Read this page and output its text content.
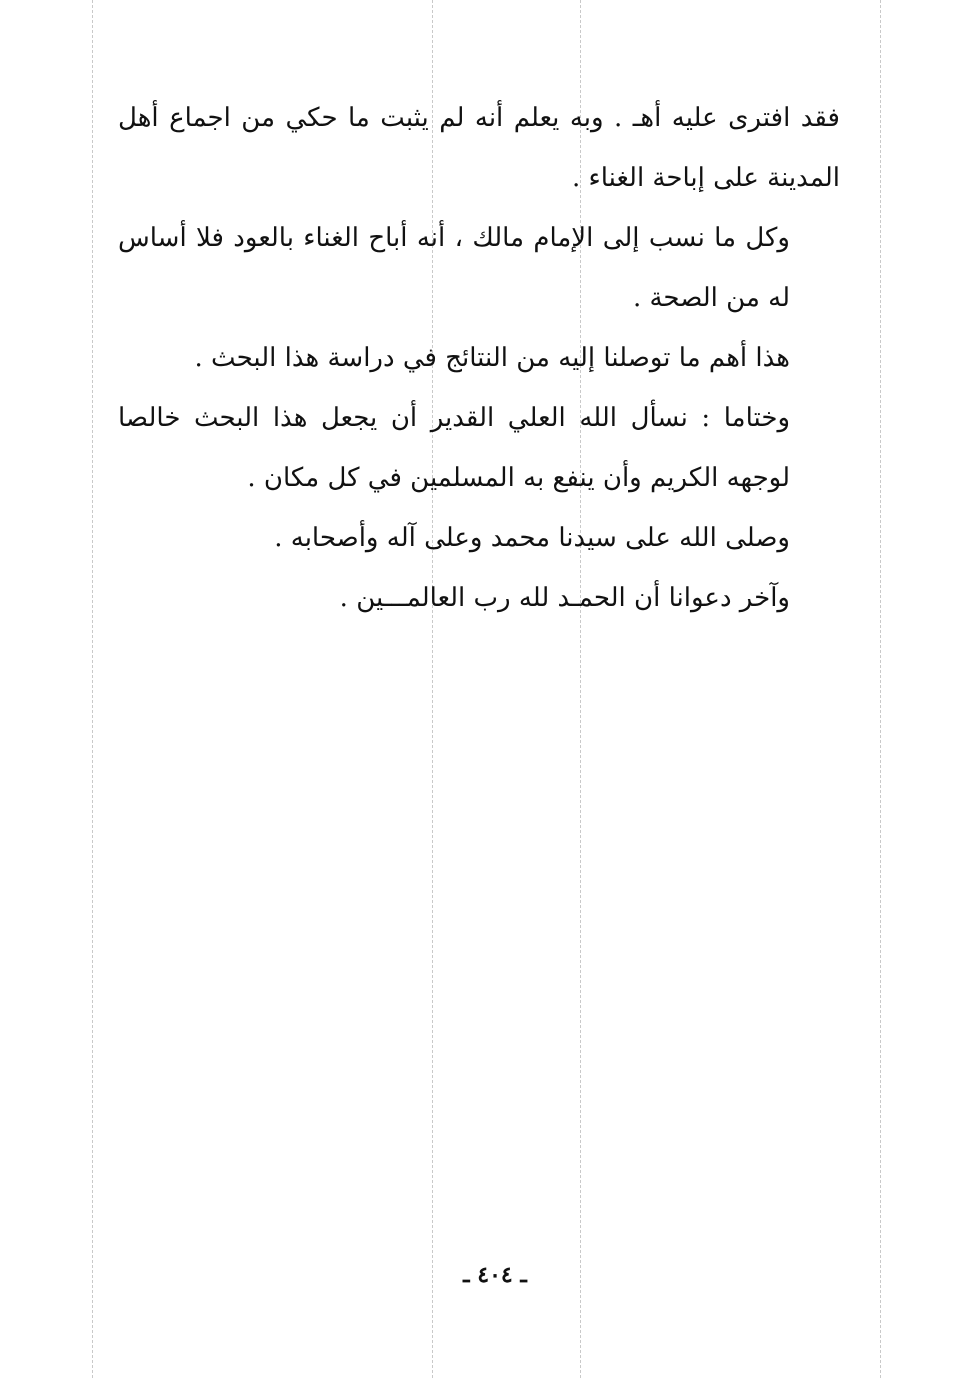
فقد افترى عليه أهـ . وبه يعلم أنه لم يثبت ما حكي من اجماع أهل المدينة على إباحة الغناء .

وكل ما نسب إلى الإمام مالك ، أنه أباح الغناء بالعود فلا أساس له من الصحة .

هذا أهم ما توصلنا إليه من النتائج في دراسة هذا البحث .

وختاما : نسأل الله العلي القدير أن يجعل هذا البحث خالصا لوجهه الكريم وأن ينفع به المسلمين في كل مكان .

وصلى الله على سيدنا محمد وعلى آله وأصحابه .

وآخر دعوانا أن الحمـد لله رب العالمـــين .

ـ ٤٠٤ ـ
